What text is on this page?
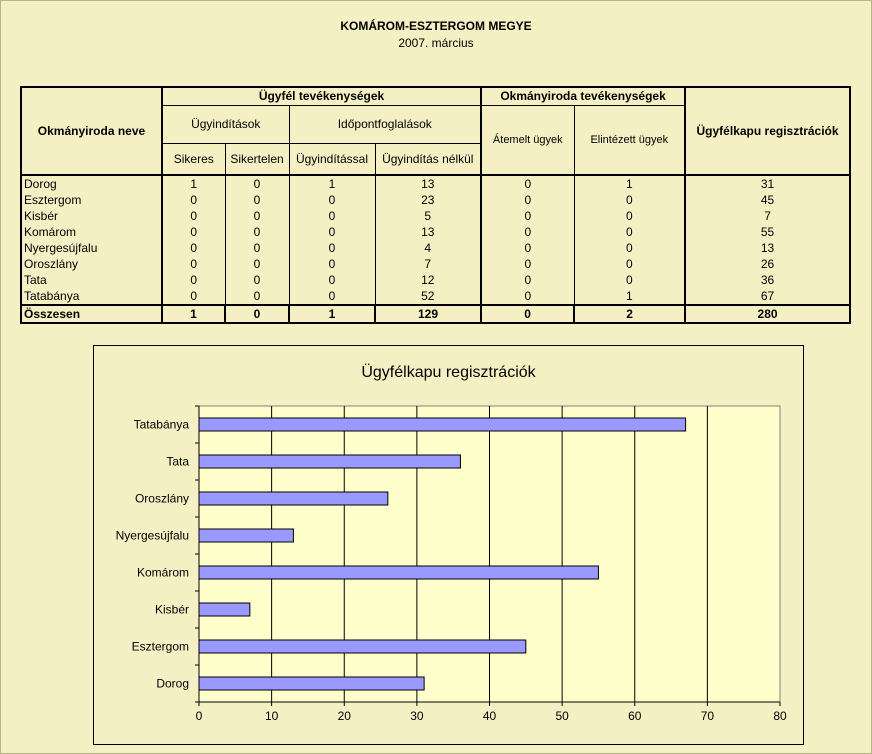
KOMÁROM-ESZTERGOM MEGYE
2007. március
Okmányiroda neve	Ügyfél tevékenységek				Okmányiroda tevékenységek		Ügyfélkapu regisztrációk
	Ügyindítások		Időpontfoglalások		Átemelt ügyek	Elintézett ügyek	
	Sikeres	Sikertelen	Ügyindítással	Ügyindítás nélkül			
Dorog	1	0	1	13	0	1	31
Esztergom	0	0	0	23	0	0	45
Kisbér	0	0	0	5	0	0	7
Komárom	0	0	0	13	0	0	55
Nyergesújfalu	0	0	0	4	0	0	13
Oroszlány	0	0	0	7	0	0	26
Tata	0	0	0	12	0	0	36
Tatabánya	0	0	0	52	0	1	67
Összesen	1	0	1	129	0	2	280
Ügyfélkapu regisztrációk
0	10	20	30	40	50	60	70	80
Dorog
Esztergom
Kisbér
Komárom
Nyergesújfalu
Oroszlány
Tata
Tatabánya
